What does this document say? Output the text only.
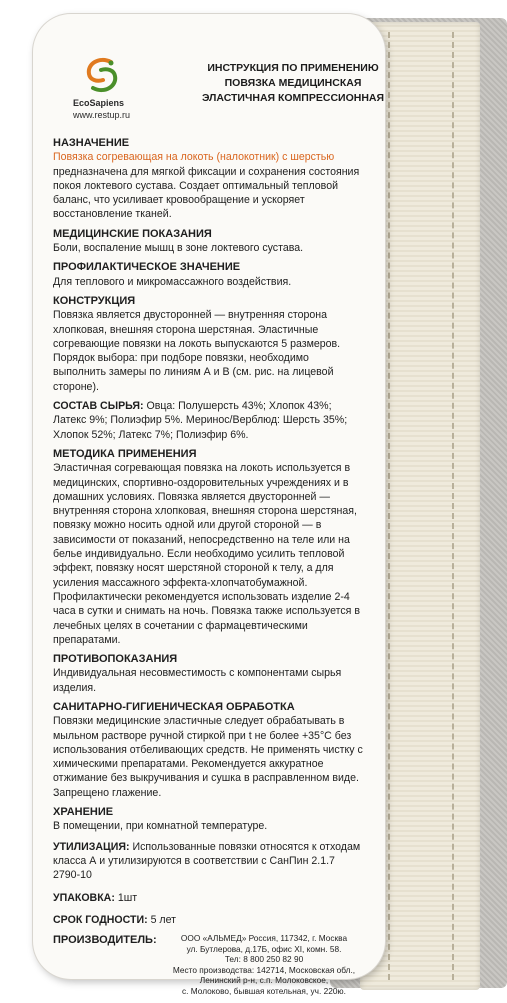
EcoSapiens
www.restup.ru
ИНСТРУКЦИЯ ПО ПРИМЕНЕНИЮ
ПОВЯЗКА МЕДИЦИНСКАЯ
ЭЛАСТИЧНАЯ КОМПРЕССИОННАЯ
НАЗНАЧЕНИЕ

Повязка согревающая на локоть (налокотник) с шерстью предназначена для мягкой фиксации и сохранения состояния покоя локтевого сустава. Создает оптимальный тепловой баланс, что усиливает кровообращение и ускоряет восстановление тканей.

МЕДИЦИНСКИЕ ПОКАЗАНИЯ

Боли, воспаление мышц в зоне локтевого сустава.

ПРОФИЛАКТИЧЕСКОЕ ЗНАЧЕНИЕ

Для теплового и микромассажного воздействия.

КОНСТРУКЦИЯ

Повязка является двусторонней — внутренняя сторона хлопковая, внешняя сторона шерстяная. Эластичные согревающие повязки на локоть выпускаются 5 размеров. Порядок выбора: при подборе повязки, необходимо выполнить замеры по линиям А и В (см. рис. на лицевой стороне).

СОСТАВ СЫРЬЯ: Овца: Полушерсть 43%; Хлопок 43%; Латекс 9%; Полиэфир 5%. Мериноc/Верблюд: Шерсть 35%; Хлопок 52%; Латекс 7%; Полиэфир 6%.

МЕТОДИКА ПРИМЕНЕНИЯ

Эластичная согревающая повязка на локоть используется в медицинских, спортивно-оздоровительных учреждениях и в домашних условиях. Повязка является двусторонней — внутренняя сторона хлопковая, внешняя сторона шерстяная, повязку можно носить одной или другой стороной — в зависимости от показаний, непосредственно на теле или на белье индивидуально. Если необходимо усилить тепловой эффект, повязку носят шерстяной стороной к телу, а для усиления массажного эффекта-хлопчатобумажной. Профилактически рекомендуется использовать изделие 2-4 часа в сутки и снимать на ночь. Повязка также используется в лечебных целях в сочетании с фармацевтическими препаратами.

ПРОТИВОПОКАЗАНИЯ

Индивидуальная несовместимость с компонентами сырья изделия.

САНИТАРНО-ГИГИЕНИЧЕСКАЯ ОБРАБОТКА

Повязки медицинские эластичные следует обрабатывать в мыльном растворе ручной стиркой при t не более +35°С без использования отбеливающих средств. Не применять чистку с химическими препаратами. Рекомендуется аккуратное отжимание без выкручивания и сушка в расправленном виде. Запрещено глажение.

ХРАНЕНИЕ

В помещении, при комнатной температуре.

УТИЛИЗАЦИЯ: Использованные повязки относятся к отходам класса А и утилизируются в соответствии с СанПин 2.1.7 2790-10

УПАКОВКА: 1шт

СРОК ГОДНОСТИ: 5 лет

ПРОИЗВОДИТЕЛЬ:	ООО «АЛЬМЕД» Россия, 117342, г. Москва
ул. Бутлерова, д.17Б, офис XI, комн. 58.
Тел: 8 800 250 82 90
Место производства: 142714, Московская обл.,
Ленинский р-н, с.п. Молоковское,
с. Молоково, бывшая котельная, уч. 220ю.
